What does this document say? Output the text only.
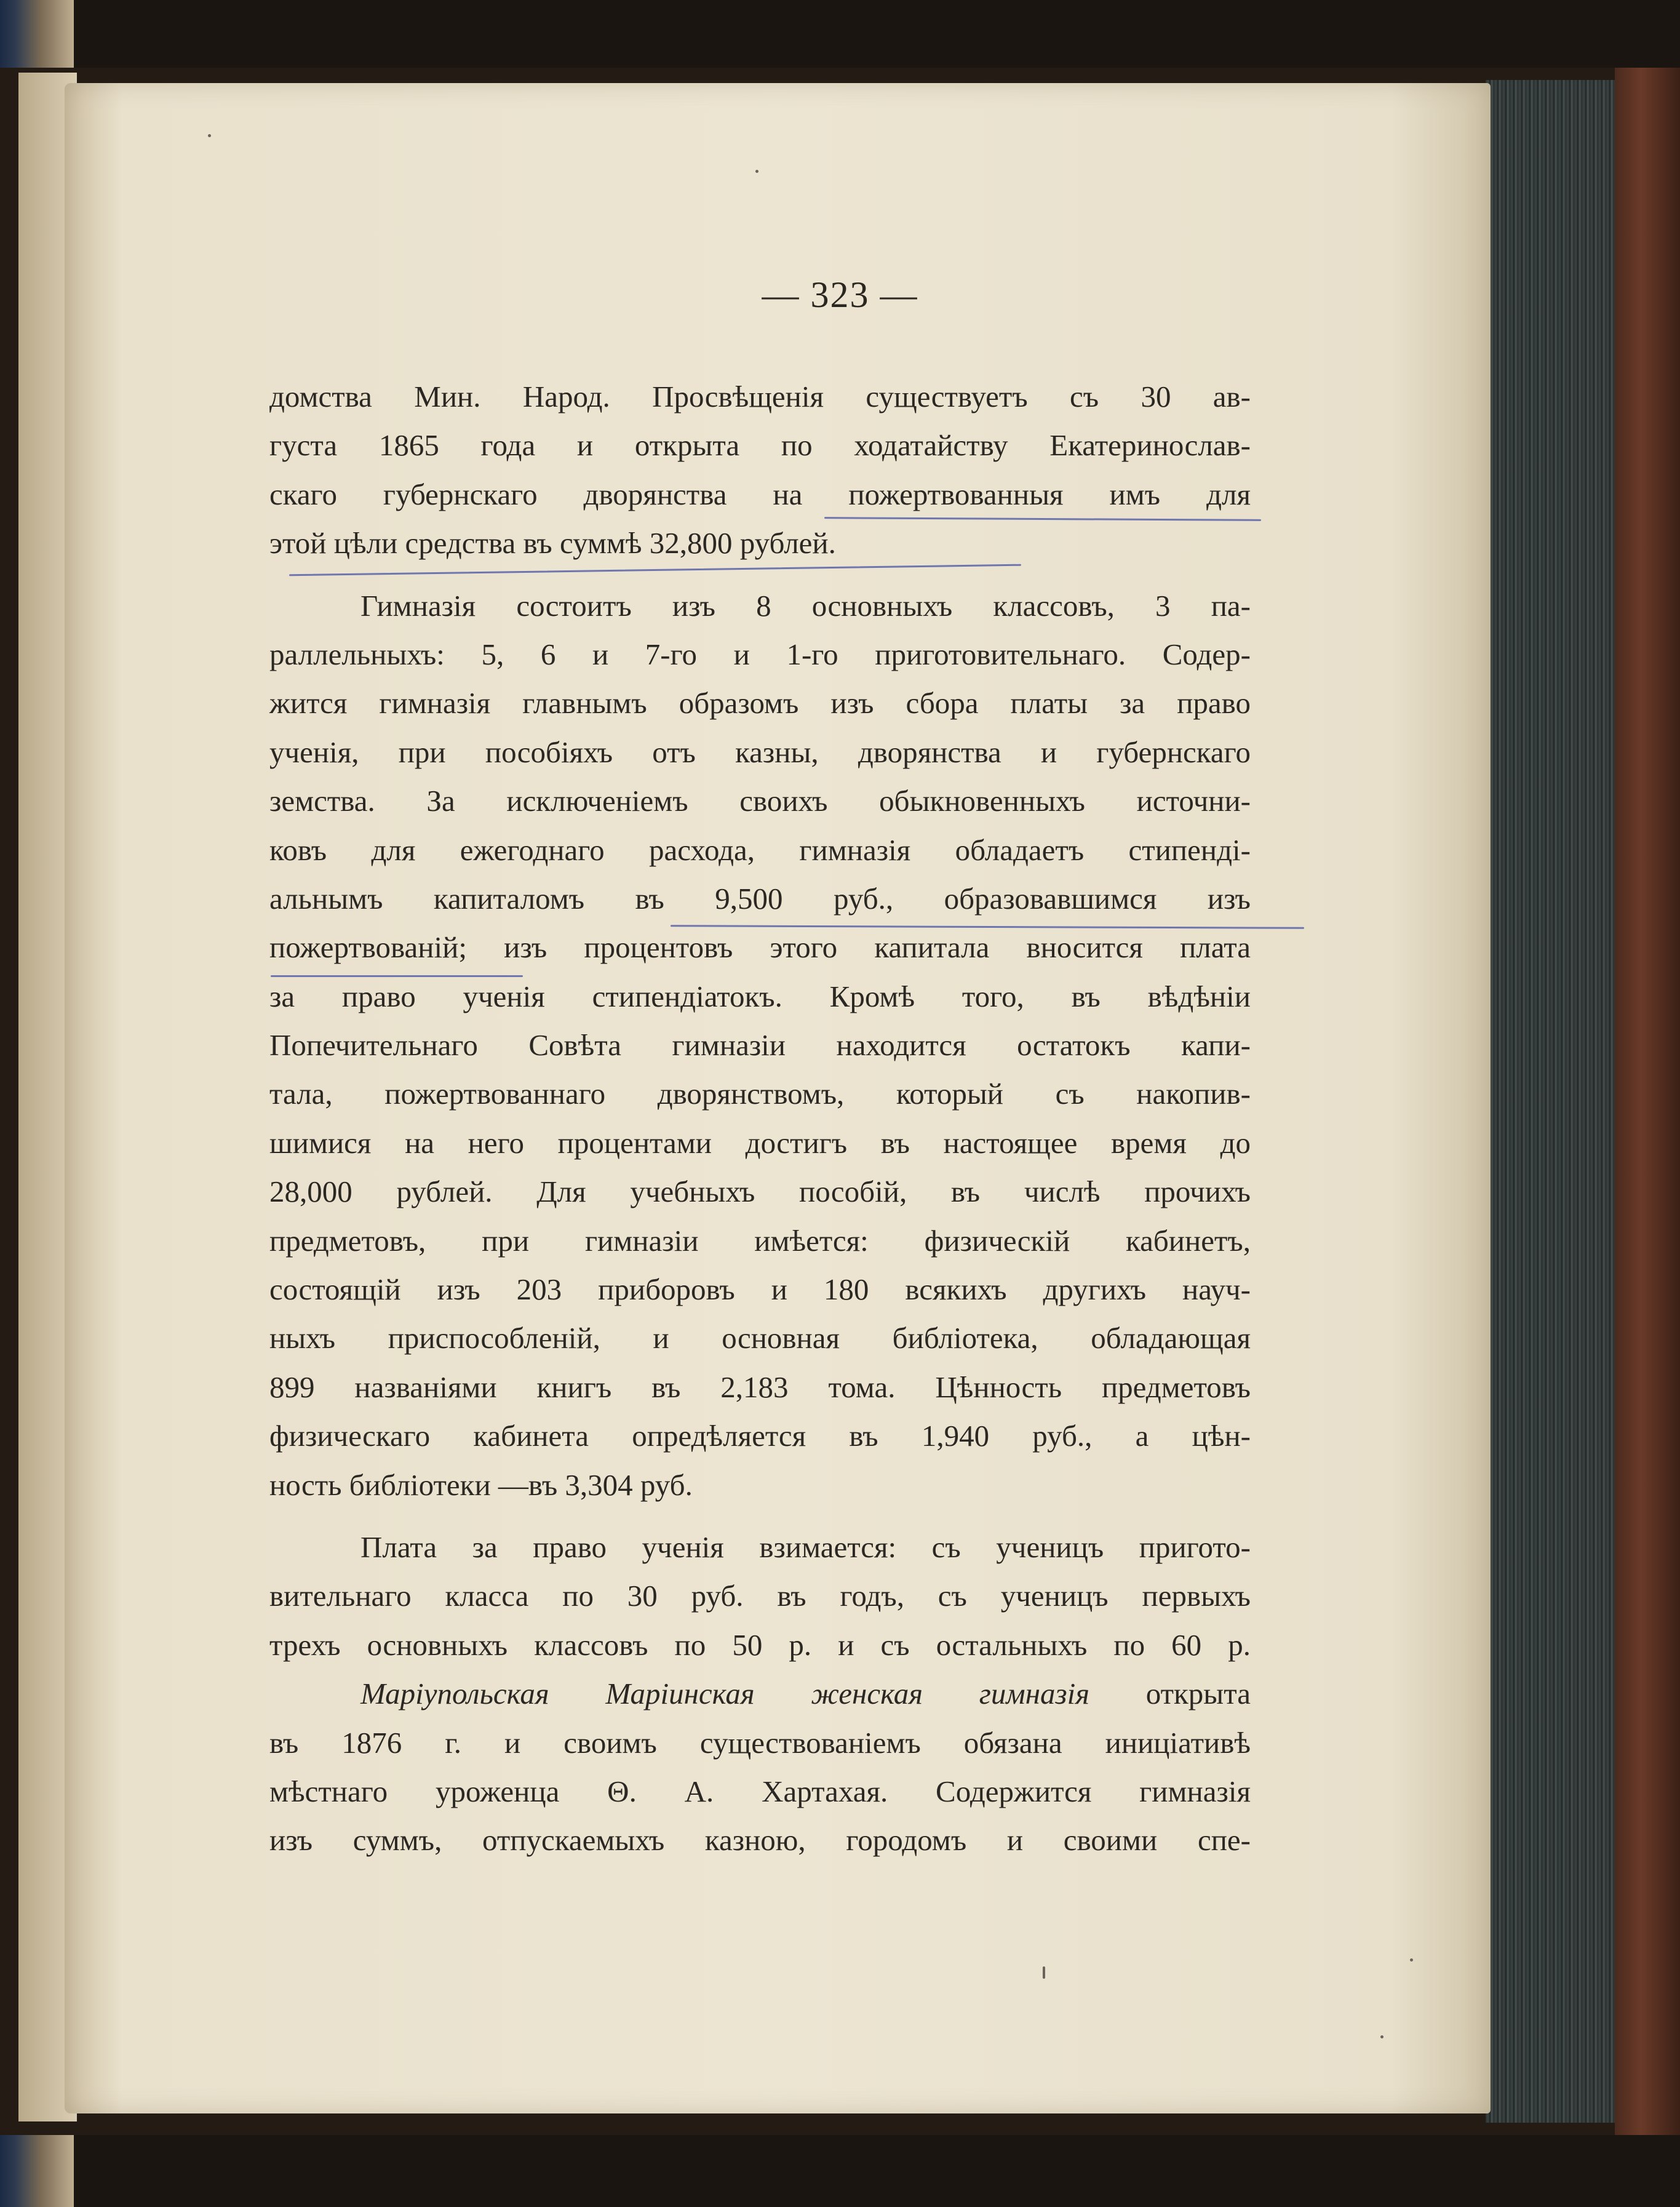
— 323 —
домства Мин. Народ. Просвѣщенія существуетъ съ 30 ав-
густа 1865 года и открыта по ходатайству Екатеринослав-
скаго губернскаго дворянства на пожертвованныя имъ для
этой цѣли средства въ суммѣ 32,800 рублей.
Гимназія состоитъ изъ 8 основныхъ классовъ, 3 па-
раллельныхъ: 5, 6 и 7-го и 1-го приготовительнаго. Содер-
жится гимназія главнымъ образомъ изъ сбора платы за право
ученія, при пособіяхъ отъ казны, дворянства и губернскаго
земства. За исключеніемъ своихъ обыкновенныхъ источни-
ковъ для ежегоднаго расхода, гимназія обладаетъ стипенді-
альнымъ капиталомъ въ 9,500 руб., образовавшимся изъ
пожертвованій; изъ процентовъ этого капитала вносится плата
за право ученія стипендіатокъ. Кромѣ того, въ вѣдѣніи
Попечительнаго Совѣта гимназіи находится остатокъ капи-
тала, пожертвованнаго дворянствомъ, который съ накопив-
шимися на него процентами достигъ въ настоящее время до
28,000 рублей. Для учебныхъ пособій, въ числѣ прочихъ
предметовъ, при гимназіи имѣется: физическій кабинетъ,
состоящій изъ 203 приборовъ и 180 всякихъ другихъ науч-
ныхъ приспособленій, и основная библіотека, обладающая
899 названіями книгъ въ 2,183 тома. Цѣнность предметовъ
физическаго кабинета опредѣляется въ 1,940 руб., а цѣн-
ность библіотеки —въ 3,304 руб.
Плата за право ученія взимается: съ ученицъ пригото-
вительнаго класса по 30 руб. въ годъ, съ ученицъ первыхъ
трехъ основныхъ классовъ по 50 р. и съ остальныхъ по 60 р.
Маріупольская Маріинская женская гимназія открыта
въ 1876 г. и своимъ существованіемъ обязана иниціативѣ
мѣстнаго уроженца Θ. А. Хартахая. Содержится гимназія
изъ суммъ, отпускаемыхъ казною, городомъ и своими спе-
